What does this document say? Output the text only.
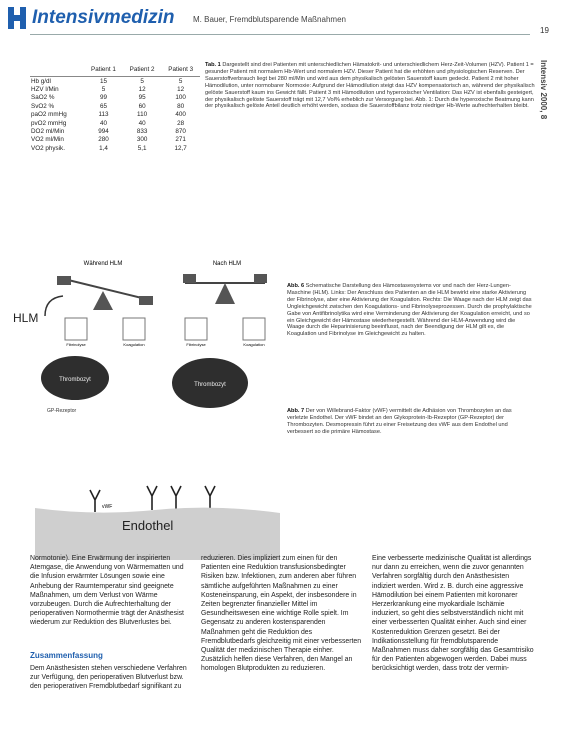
Intensivmedizin M. Bauer, Fremdblutsparende Maßnahmen
19
Intensiv 2000, 8
	Patient 1	Patient 2	Patient 3
Hb g/dl	15	5	5
HZV l/Min	5	12	12
SaO2 %	99	95	100
SvO2 %	65	60	80
paO2 mmHg	113	110	400
pvO2 mmHg	40	40	28
DO2 ml/Min	994	833	870
VO2 ml/Min	280	300	271
VO2 physik.	1,4	5,1	12,7

Tab. 1 Dargestellt sind drei Patienten mit unterschiedlichen Hämatokrit- und unterschiedlichem Herz-Zeit-Volumen (HZV). Patient 1 = gesunder Patient mit normalem Hb-Wert und normalem HZV. Dieser Patient hat die erhöhten und physiologischen Reserven. Der Sauerstoffverbrauch liegt bei 280 ml/Min und wird aus dem physikalisch gelösten Sauerstoff kaum gedeckt. Patient 2 mit hoher Hämodilution, unter normobarer Normoxie: Aufgrund der Hämodilution steigt das HZV kompensatorisch an, während der physikalisch gelöste Sauerstoff kaum ins Gewicht fällt. Patient 3 mit Hämodilution und hyperoxischer Ventilation: Das HZV ist ebenfalls gesteigert, der physikalisch gelöste Sauerstoff trägt mit 12,7 Vol% erheblich zur Versorgung bei. Abb. 1: Durch die hyperoxische Beatmung kann der physikalisch gelöste Anteil deutlich erhöht werden, sodass die Sauerstoffbilanz trotz niedriger Hb-Werte aufrechterhalten bleibt.

Abb. 6 Schematische Darstellung des Hämostasesystems vor und nach der Herz-Lungen-Maschine (HLM). Links: Der Anschluss des Patienten an die HLM bewirkt eine starke Aktivierung der Fibrinolyse, aber eine Aktivierung der Koagulation. Rechts: Die Waage nach der HLM zeigt das Ungleichgewicht zwischen den Koagulations- und Fibrinolyseprozessen. Durch die prophylaktische Gabe von Antifibrinolytika wird eine Verminderung der Aktivierung der Koagulation erreicht, und so ein Gleichgewicht der Hämostase wiederhergestellt. Während der HLM-Anwendung wird die Waage durch die Heparinisierung beeinflusst, nach der Beendigung der HLM gilt es, die Koagulation und Fibrinolyse im Gleichgewicht zu halten.

Abb. 7 Der von Willebrand-Faktor (vWF) vermittelt die Adhäsion von Thrombozyten an das verletzte Endothel. Der vWF bindet an den Glykoprotein-Ib-Rezeptor (GP-Rezeptor) der Thrombozyten. Desmopressin führt zu einer Freisetzung des vWF aus dem Endothel und verbessert so die primäre Hämostase.

Während HLM	Nach HLM
HLM
Fibrinolyse	Koagulation	Fibrinolyse	Koagulation
Thrombozyt
GP-Rezeptor
Thrombozyt
vWF
Endothel

Normotonie). Eine Erwärmung der inspirierten Atemgase, die Anwendung von Wärmematten und die Infusion erwärmter Lösungen sowie eine Anhebung der Raumtemperatur sind geeignete Maßnahmen, um dem Verlust von Wärme vorzubeugen. Durch die Aufrechterhaltung der perioperativen Normothermie trägt der Anästhesist wiederum zur Reduktion des Blutverlustes bei.

Zusammenfassung

Dem Anästhesisten stehen verschiedene Verfahren zur Verfügung, den perioperativen Blutverlust bzw. den perioperativen Fremdblutbedarf signifikant zu

reduzieren. Dies impliziert zum einen für den Patienten eine Reduktion transfusionsbedingter Risiken bzw. Infektionen, zum anderen aber führen sämtliche aufgeführten Maßnahmen zu einer Kosteneinsparung, ein Aspekt, der insbesondere in Zeiten begrenzter finanzieller Mittel im Gesundheitswesen eine wichtige Rolle spielt. Im Gegensatz zu anderen kostensparenden Maßnahmen geht die Reduktion des Fremdblutbedarfs gleichzeitig mit einer verbesserten Qualität der medizinischen Therapie einher. Zusätzlich helfen diese Verfahren, den Mangel an homologen Blutprodukten zu reduzieren.

Eine verbesserte medizinische Qualität ist allerdings nur dann zu erreichen, wenn die zuvor genannten Verfahren sorgfältig durch den Anästhesisten indiziert werden. Wird z. B. durch eine aggressive Hämodilution bei einem Patienten mit koronarer Herzerkrankung eine myokardiale Ischämie induziert, so geht dies selbstverständlich nicht mit einer verbesserten Qualität einher. Auch sind einer Kostenreduktion Grenzen gesetzt. Bei der Indikationsstellung für fremdblutsparende Maßnahmen muss daher sorgfältig das Gesamtrisiko für den Patienten abgewogen werden. Dabei muss berücksichtigt werden, dass trotz der vermin-
